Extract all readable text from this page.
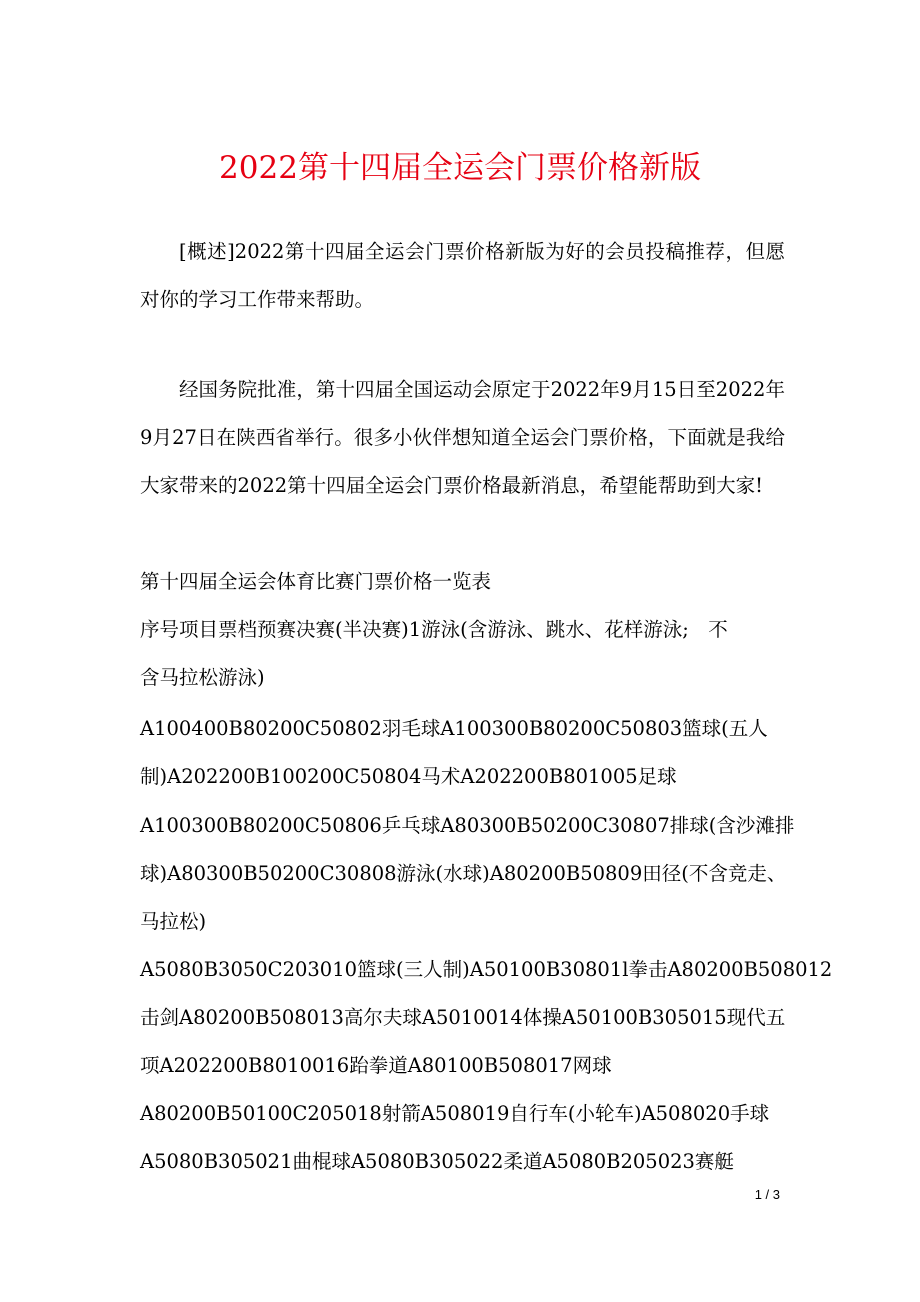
2022第十四届全运会门票价格新版

[概述]2022第十四届全运会门票价格新版为好的会员投稿推荐，但愿对你的学习工作带来帮助。

经国务院批准，第十四届全国运动会原定于2022年9月15日至2022年9月27日在陕西省举行。很多小伙伴想知道全运会门票价格，下面就是我给大家带来的2022第十四届全运会门票价格最新消息，希望能帮助到大家!

第十四届全运会体育比赛门票价格一览表
序号项目票档预赛决赛(半决赛)1游泳(含游泳、跳水、花样游泳;　不
含马拉松游泳)
A100400B80200C50802羽毛球A100300B80200C50803篮球(五人
制)A202200B100200C50804马术A202200B801005足球
A100300B80200C50806乒乓球A80300B50200C30807排球(含沙滩排
球)A80300B50200C30808游泳(水球)A80200B50809田径(不含竞走、
马拉松)
A5080B3050C203010篮球(三人制)A50100B30801l拳击A80200B508012
击剑A80200B508013高尔夫球A5010014体操A50100B305015现代五
项A202200B8010016跆拳道A80100B508017网球
A80200B50100C205018射箭A508019自行车(小轮车)A508020手球
A5080B305021曲棍球A5080B305022柔道A5080B205023赛艇
1 / 3
